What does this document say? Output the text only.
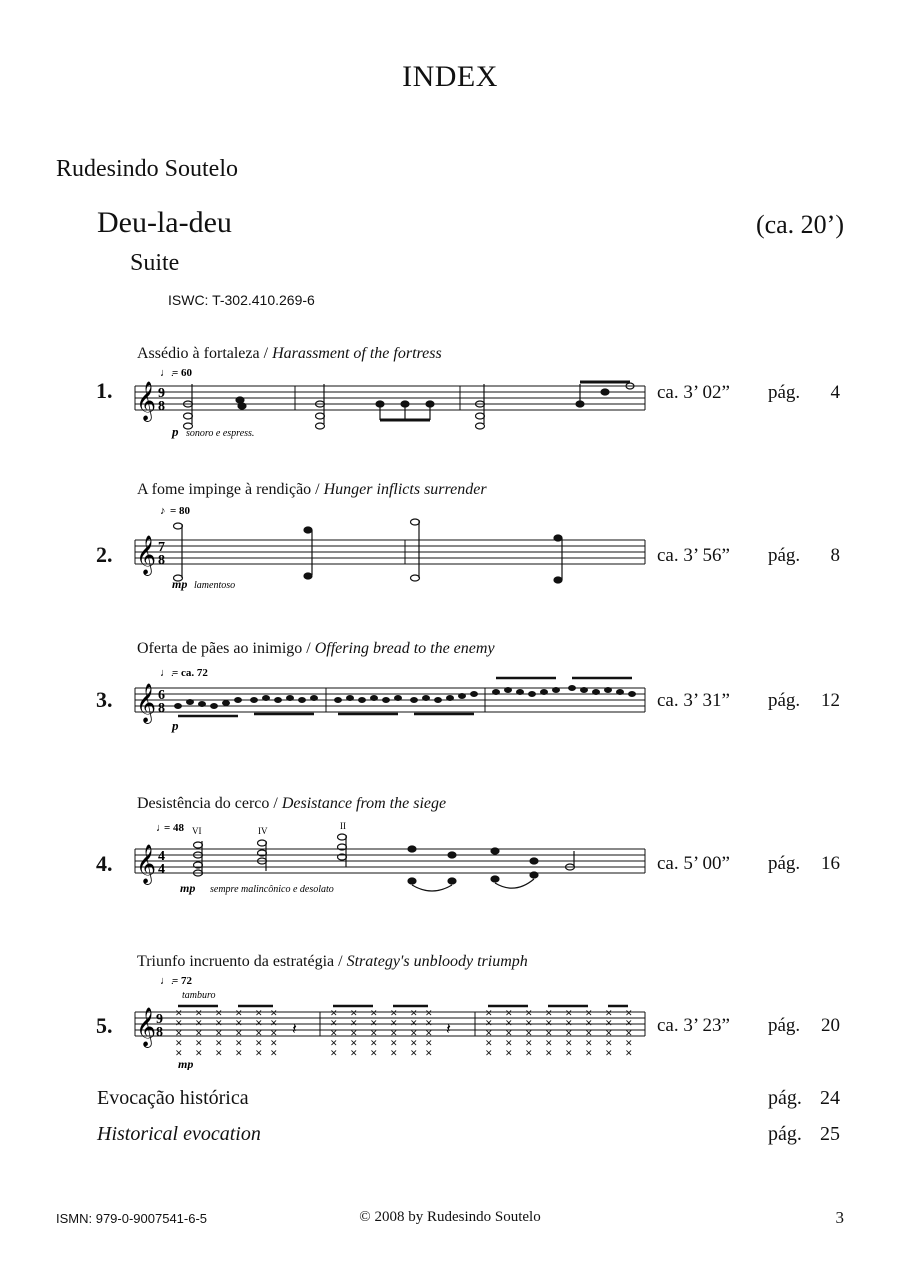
INDEX
Rudesindo Soutelo
Deu-la-deu	(ca. 20’)
Suite
ISWC: T-302.410.269-6
Assédio à fortaleza / Harassment of the fortress
1. 𝄞 9
8
♩.
= 60
p sonoro e espress.
ca. 3’ 02” pág. 4
A fome impinge à rendição / Hunger inflicts surrender
2. 𝄞 7
8
♪ = 80
mp lamentoso
ca. 3’ 56” pág. 8
Oferta de pães ao inimigo / Offering bread to the enemy
3. 𝄞 6
8
♩.
= ca. 72
p
ca. 3’ 31” pág. 12
Desistência do cerco / Desistance from the siege
4. 𝄞 4
4
♩
= 48 VI	IV	II
mp sempre malincônico e desolato
ca. 5’ 00” pág. 16
Triunfo incruento da estratégia / Strategy's unbloody triumph
5. 𝄞 9
8
♩.
= 72
tamburo
✕
✕
✕
✕
✕
✕
✕
✕
✕
✕
✕
✕
✕
✕
✕
✕
✕
✕
✕
✕
✕
✕
✕
✕
✕
✕
✕
✕
✕
✕
✕
✕
✕
✕
✕
✕
✕
✕
✕
✕
✕
✕
✕
✕
✕
✕
✕
✕
✕
✕
✕
✕
✕
✕
✕
✕
✕
✕
✕
✕
✕
✕
✕
✕
✕
✕
✕
✕
✕
✕
✕
✕
✕
✕
✕
✕
✕
✕
✕
✕
✕
✕
✕
✕
✕
✕
✕
✕
✕
✕
✕
✕
✕
✕
✕
✕
✕
✕
✕
✕
𝄽	𝄽
mp
ca. 3’ 23” pág. 20
Evocação histórica	pág. 24
Historical evocation	pág. 25
ISMN: 979-0-9007541-6-5	© 2008 by Rudesindo Soutelo	3
